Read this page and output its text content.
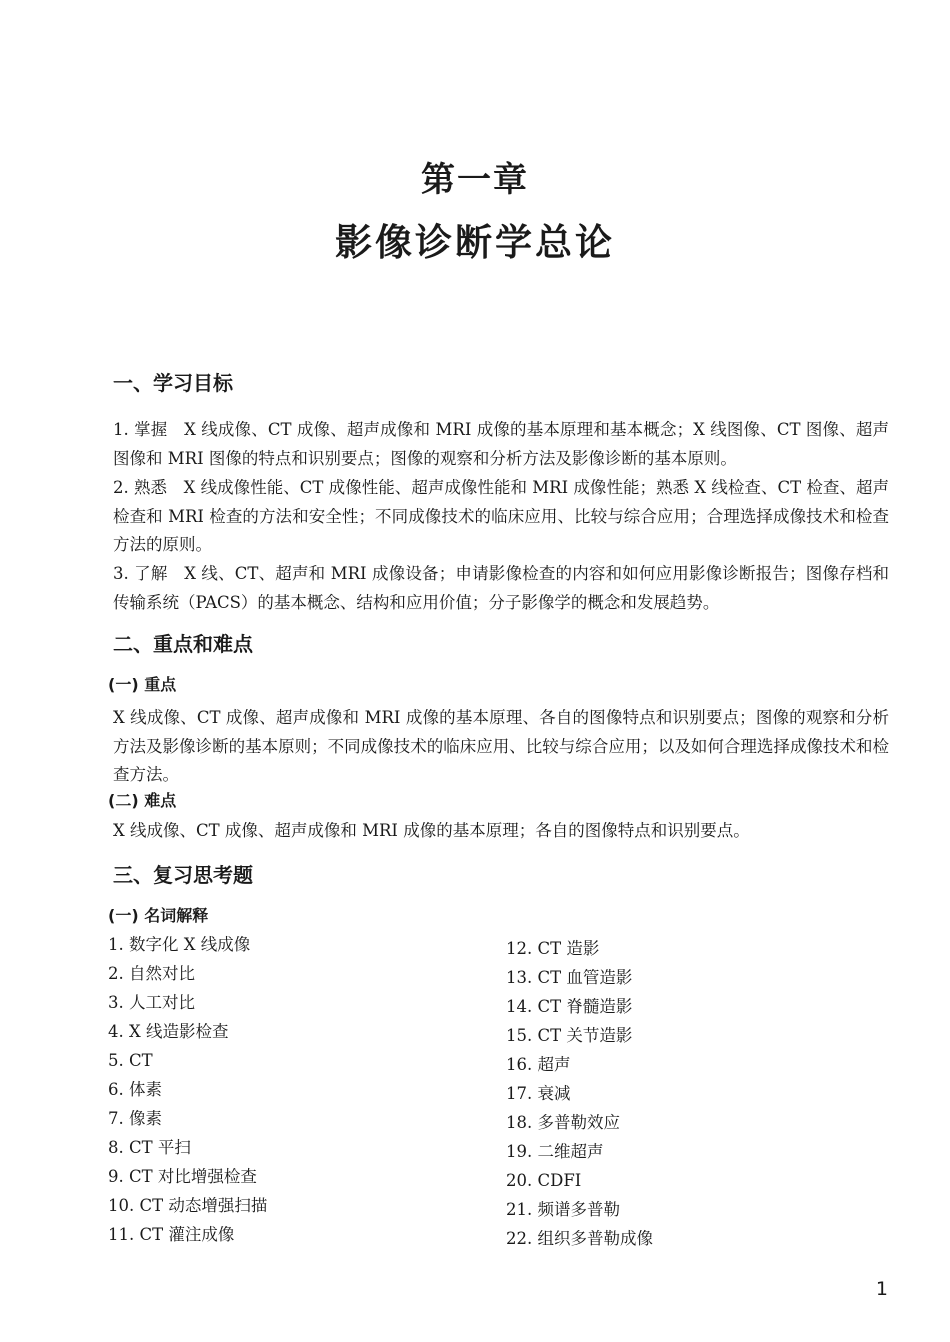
第一章
影像诊断学总论
一、学习目标
1. 掌握　X 线成像、CT 成像、超声成像和 MRI 成像的基本原理和基本概念；X 线图像、CT 图像、超声图像和 MRI 图像的特点和识别要点；图像的观察和分析方法及影像诊断的基本原则。
2. 熟悉　X 线成像性能、CT 成像性能、超声成像性能和 MRI 成像性能；熟悉 X 线检查、CT 检查、超声检查和 MRI 检查的方法和安全性；不同成像技术的临床应用、比较与综合应用；合理选择成像技术和检查方法的原则。
3. 了解　X 线、CT、超声和 MRI 成像设备；申请影像检查的内容和如何应用影像诊断报告；图像存档和传输系统（PACS）的基本概念、结构和应用价值；分子影像学的概念和发展趋势。
二、重点和难点
(一) 重点
X 线成像、CT 成像、超声成像和 MRI 成像的基本原理、各自的图像特点和识别要点；图像的观察和分析方法及影像诊断的基本原则；不同成像技术的临床应用、比较与综合应用；以及如何合理选择成像技术和检查方法。
(二) 难点
X 线成像、CT 成像、超声成像和 MRI 成像的基本原理；各自的图像特点和识别要点。
三、复习思考题
(一) 名词解释
1. 数字化 X 线成像
2. 自然对比
3. 人工对比
4. X 线造影检查
5. CT
6. 体素
7. 像素
8. CT 平扫
9. CT 对比增强检查
10. CT 动态增强扫描
11. CT 灌注成像
12. CT 造影
13. CT 血管造影
14. CT 脊髓造影
15. CT 关节造影
16. 超声
17. 衰减
18. 多普勒效应
19. 二维超声
20. CDFI
21. 频谱多普勒
22. 组织多普勒成像
1
